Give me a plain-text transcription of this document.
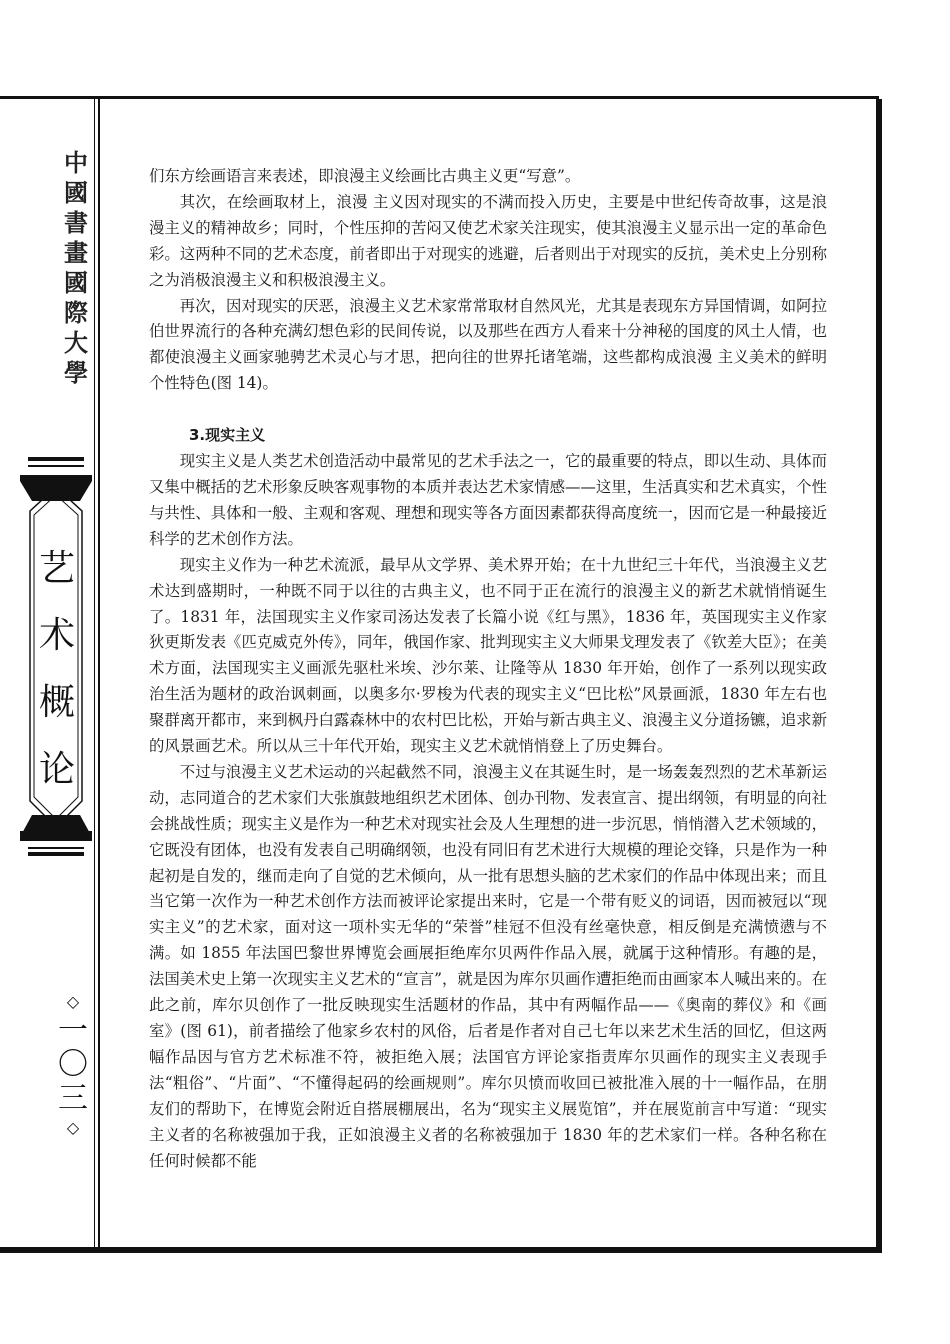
中
國
書
畫
國
際
大
學
艺
术
概
论
◇
一
〇
三
◇

们东方绘画语言来表述，即浪漫主义绘画比古典主义更“写意”。

其次，在绘画取材上，浪漫 主义因对现实的不满而投入历史，主要是中世纪传奇故事，这是浪漫主义的精神故乡；同时，个性压抑的苦闷又使艺术家关注现实，使其浪漫主义显示出一定的革命色彩。这两种不同的艺术态度，前者即出于对现实的逃避，后者则出于对现实的反抗，美术史上分别称之为消极浪漫主义和积极浪漫主义。

再次，因对现实的厌恶，浪漫主义艺术家常常取材自然风光，尤其是表现东方异国情调，如阿拉伯世界流行的各种充满幻想色彩的民间传说，以及那些在西方人看来十分神秘的国度的风土人情，也都使浪漫主义画家驰骋艺术灵心与才思，把向往的世界托诸笔端，这些都构成浪漫 主义美术的鲜明个性特色(图 14)。

3.现实主义

现实主义是人类艺术创造活动中最常见的艺术手法之一，它的最重要的特点，即以生动、具体而又集中概括的艺术形象反映客观事物的本质并表达艺术家情感——这里，生活真实和艺术真实，个性与共性、具体和一般、主观和客观、理想和现实等各方面因素都获得高度统一，因而它是一种最接近科学的艺术创作方法。

现实主义作为一种艺术流派，最早从文学界、美术界开始；在十九世纪三十年代，当浪漫主义艺术达到盛期时，一种既不同于以往的古典主义，也不同于正在流行的浪漫主义的新艺术就悄悄诞生了。1831 年，法国现实主义作家司汤达发表了长篇小说《红与黑》，1836 年，英国现实主义作家狄更斯发表《匹克威克外传》，同年，俄国作家、批判现实主义大师果戈理发表了《钦差大臣》；在美术方面，法国现实主义画派先驱杜米埃、沙尔莱、让隆等从 1830 年开始，创作了一系列以现实政治生活为题材的政治讽刺画，以奥多尔·罗梭为代表的现实主义“巴比松”风景画派，1830 年左右也聚群离开都市，来到枫丹白露森林中的农村巴比松，开始与新古典主义、浪漫主义分道扬镳，追求新的风景画艺术。所以从三十年代开始，现实主义艺术就悄悄登上了历史舞台。

不过与浪漫主义艺术运动的兴起截然不同，浪漫主义在其诞生时，是一场轰轰烈烈的艺术革新运动，志同道合的艺术家们大张旗鼓地组织艺术团体、创办刊物、发表宣言、提出纲领，有明显的向社会挑战性质；现实主义是作为一种艺术对现实社会及人生理想的进一步沉思，悄悄潜入艺术领域的，它既没有团体，也没有发表自己明确纲领，也没有同旧有艺术进行大规模的理论交锋，只是作为一种起初是自发的，继而走向了自觉的艺术倾向，从一批有思想头脑的艺术家们的作品中体现出来；而且当它第一次作为一种艺术创作方法而被评论家提出来时，它是一个带有贬义的词语，因而被冠以“现实主义”的艺术家，面对这一项朴实无华的“荣誉”桂冠不但没有丝毫快意，相反倒是充满愤懑与不满。如 1855 年法国巴黎世界博览会画展拒绝库尔贝两件作品入展，就属于这种情形。有趣的是，法国美术史上第一次现实主义艺术的“宣言”，就是因为库尔贝画作遭拒绝而由画家本人喊出来的。在此之前，库尔贝创作了一批反映现实生活题材的作品，其中有两幅作品——《奥南的葬仪》和《画室》(图 61)，前者描绘了他家乡农村的风俗，后者是作者对自己七年以来艺术生活的回忆，但这两幅作品因与官方艺术标准不符，被拒绝入展；法国官方评论家指责库尔贝画作的现实主义表现手法“粗俗”、“片面”、“不懂得起码的绘画规则”。库尔贝愤而收回已被批准入展的十一幅作品，在朋友们的帮助下，在博览会附近自搭展棚展出，名为“现实主义展览馆”，并在展览前言中写道：“现实主义者的名称被强加于我，正如浪漫主义者的名称被强加于 1830 年的艺术家们一样。各种名称在任何时候都不能
